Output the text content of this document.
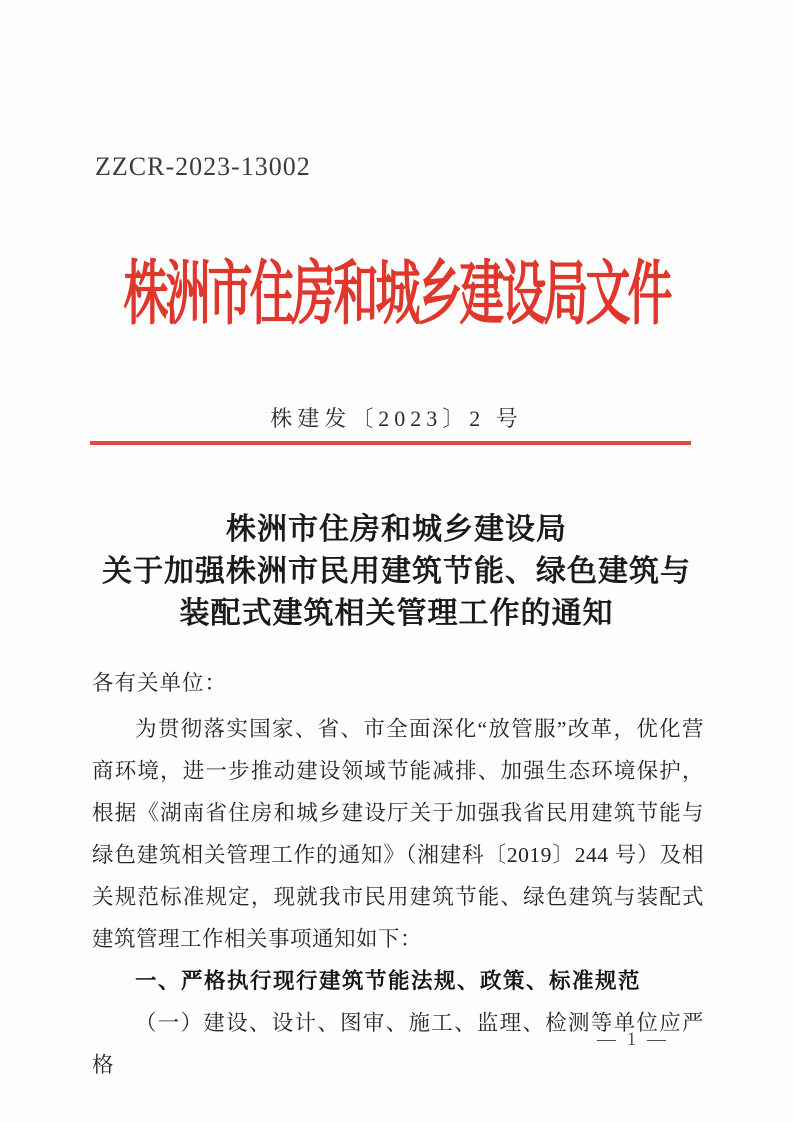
ZZCR-2023-13002
株洲市住房和城乡建设局文件
株建发〔2023〕2 号
株洲市住房和城乡建设局
关于加强株洲市民用建筑节能、绿色建筑与
装配式建筑相关管理工作的通知
各有关单位：

为贯彻落实国家、省、市全面深化“放管服”改革，优化营商环境，进一步推动建设领域节能减排、加强生态环境保护，根据《湖南省住房和城乡建设厅关于加强我省民用建筑节能与绿色建筑相关管理工作的通知》（湘建科〔2019〕244 号）及相关规范标准规定，现就我市民用建筑节能、绿色建筑与装配式建筑管理工作相关事项通知如下：

一、严格执行现行建筑节能法规、政策、标准规范
（一）建设、设计、图审、施工、监理、检测等单位应严格
— 1 —
